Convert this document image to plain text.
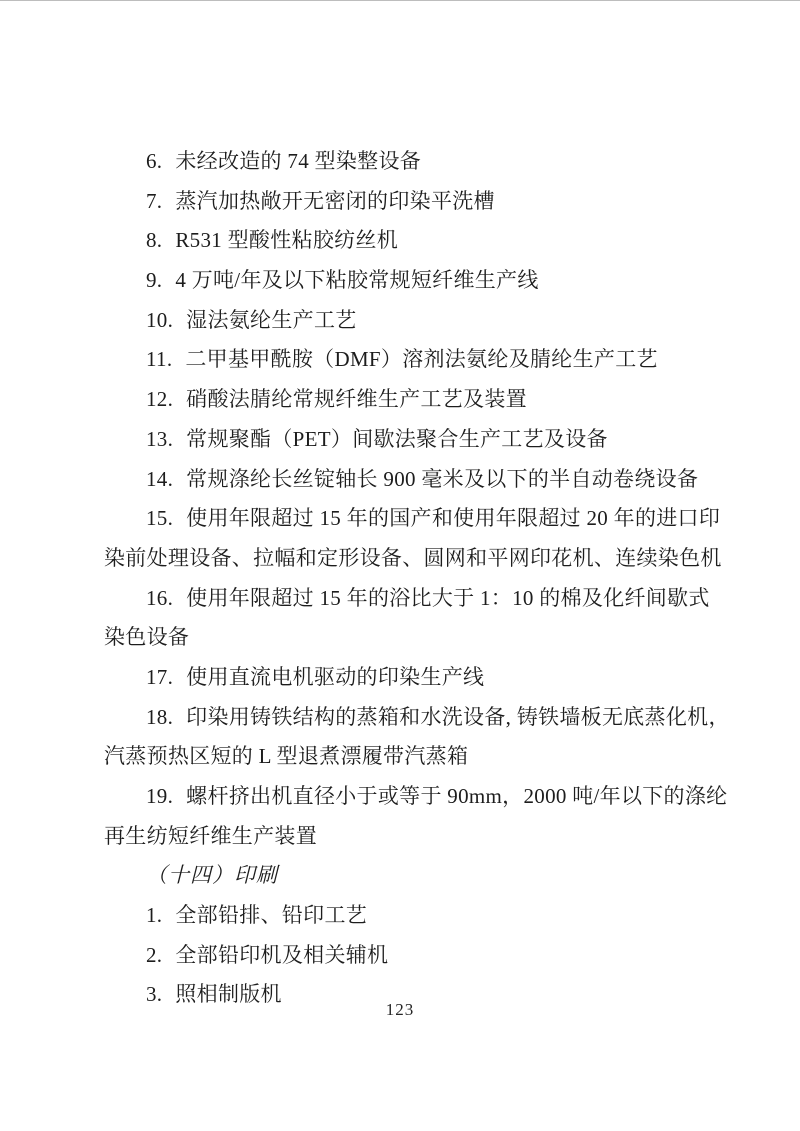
6. 未经改造的 74 型染整设备
7. 蒸汽加热敞开无密闭的印染平洗槽
8. R531 型酸性粘胶纺丝机
9. 4 万吨/年及以下粘胶常规短纤维生产线
10. 湿法氨纶生产工艺
11. 二甲基甲酰胺（DMF）溶剂法氨纶及腈纶生产工艺
12. 硝酸法腈纶常规纤维生产工艺及装置
13. 常规聚酯（PET）间歇法聚合生产工艺及设备
14. 常规涤纶长丝锭轴长 900 毫米及以下的半自动卷绕设备
15. 使用年限超过 15 年的国产和使用年限超过 20 年的进口印
染前处理设备、拉幅和定形设备、圆网和平网印花机、连续染色机
16. 使用年限超过 15 年的浴比大于 1：10 的棉及化纤间歇式
染色设备
17. 使用直流电机驱动的印染生产线
18. 印染用铸铁结构的蒸箱和水洗设备, 铸铁墙板无底蒸化机，
汽蒸预热区短的 L 型退煮漂履带汽蒸箱
19. 螺杆挤出机直径小于或等于 90mm，2000 吨/年以下的涤纶
再生纺短纤维生产装置
（十四）印刷
1. 全部铅排、铅印工艺
2. 全部铅印机及相关辅机
3. 照相制版机
123
